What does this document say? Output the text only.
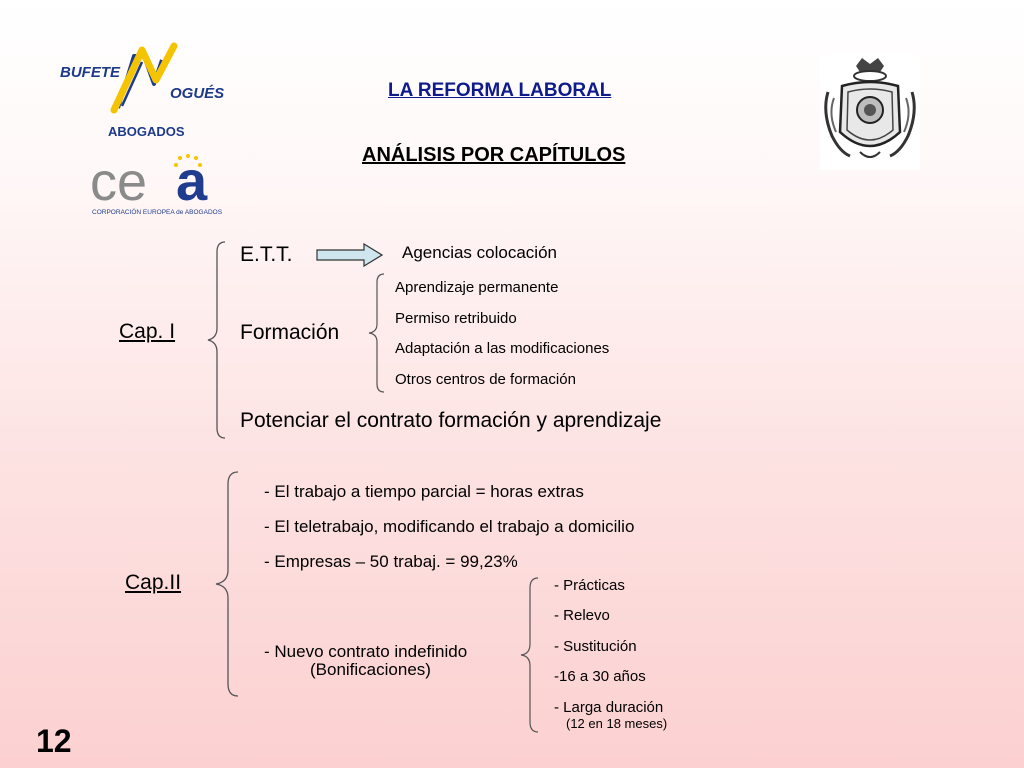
BUFETE
OGUÉS
ABOGADOS
ce a
CORPORACIÓN EUROPEA de ABOGADOS
LA REFORMA LABORAL
ANÁLISIS POR CAPÍTULOS
Cap. I
E.T.T.	Agencias colocación
Formación
Aprendizaje permanente
Permiso retribuido
Adaptación a las modificaciones
Otros centros de formación
Potenciar el contrato formación y aprendizaje
Cap.II
- El trabajo a tiempo parcial = horas extras
- El teletrabajo, modificando el trabajo a domicilio
- Empresas – 50 trabaj. = 99,23%
- Nuevo contrato indefinido
(Bonificaciones)
- Prácticas
- Relevo
- Sustitución
-16 a 30 años
- Larga duración
(12 en 18 meses)
12
